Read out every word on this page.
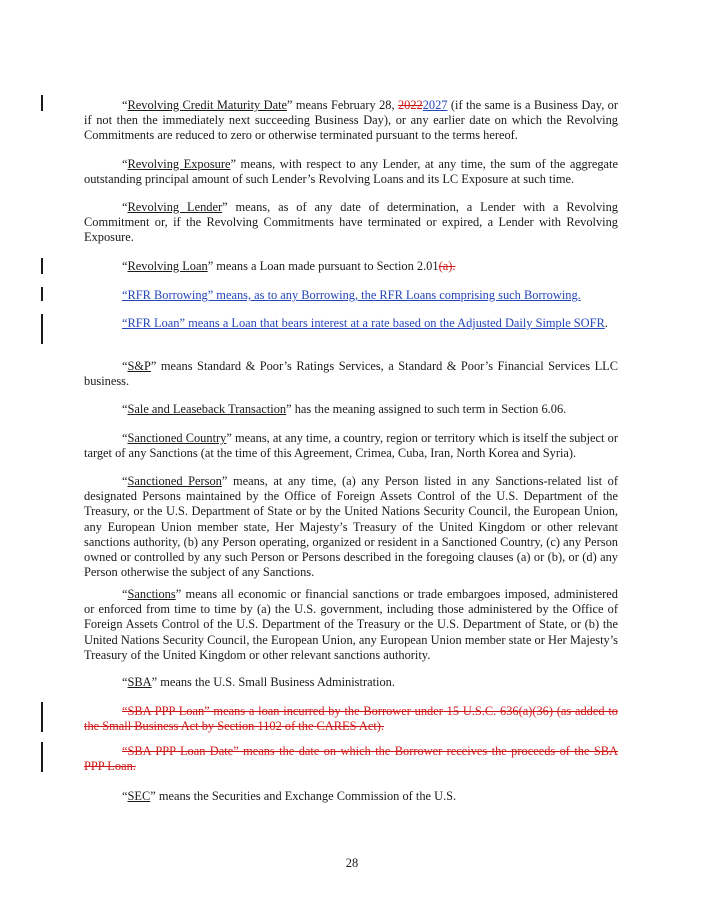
“Revolving Credit Maturity Date” means February 28, 20222027 (if the same is a Business Day, or if not then the immediately next succeeding Business Day), or any earlier date on which the Revolving Commitments are reduced to zero or otherwise terminated pursuant to the terms hereof.
“Revolving Exposure” means, with respect to any Lender, at any time, the sum of the aggregate outstanding principal amount of such Lender’s Revolving Loans and its LC Exposure at such time.
“Revolving Lender” means, as of any date of determination, a Lender with a Revolving Commitment or, if the Revolving Commitments have terminated or expired, a Lender with Revolving Exposure.
“Revolving Loan” means a Loan made pursuant to Section 2.01(a).
“RFR Borrowing” means, as to any Borrowing, the RFR Loans comprising such Borrowing.
“RFR Loan” means a Loan that bears interest at a rate based on the Adjusted Daily Simple SOFR.
“S&P” means Standard & Poor’s Ratings Services, a Standard & Poor’s Financial Services LLC business.
“Sale and Leaseback Transaction” has the meaning assigned to such term in Section 6.06.
“Sanctioned Country” means, at any time, a country, region or territory which is itself the subject or target of any Sanctions (at the time of this Agreement, Crimea, Cuba, Iran, North Korea and Syria).
“Sanctioned Person” means, at any time, (a) any Person listed in any Sanctions-related list of designated Persons maintained by the Office of Foreign Assets Control of the U.S. Department of the Treasury, or the U.S. Department of State or by the United Nations Security Council, the European Union, any European Union member state, Her Majesty’s Treasury of the United Kingdom or other relevant sanctions authority, (b) any Person operating, organized or resident in a Sanctioned Country, (c) any Person owned or controlled by any such Person or Persons described in the foregoing clauses (a) or (b), or (d) any Person otherwise the subject of any Sanctions.
“Sanctions” means all economic or financial sanctions or trade embargoes imposed, administered or enforced from time to time by (a) the U.S. government, including those administered by the Office of Foreign Assets Control of the U.S. Department of the Treasury or the U.S. Department of State, or (b) the United Nations Security Council, the European Union, any European Union member state or Her Majesty’s Treasury of the United Kingdom or other relevant sanctions authority.
“SBA” means the U.S. Small Business Administration.
“SBA PPP Loan” means a loan incurred by the Borrower under 15 U.S.C. 636(a)(36) (as added to the Small Business Act by Section 1102 of the CARES Act).
“SBA PPP Loan Date” means the date on which the Borrower receives the proceeds of the SBA PPP Loan.
“SEC” means the Securities and Exchange Commission of the U.S.
28
